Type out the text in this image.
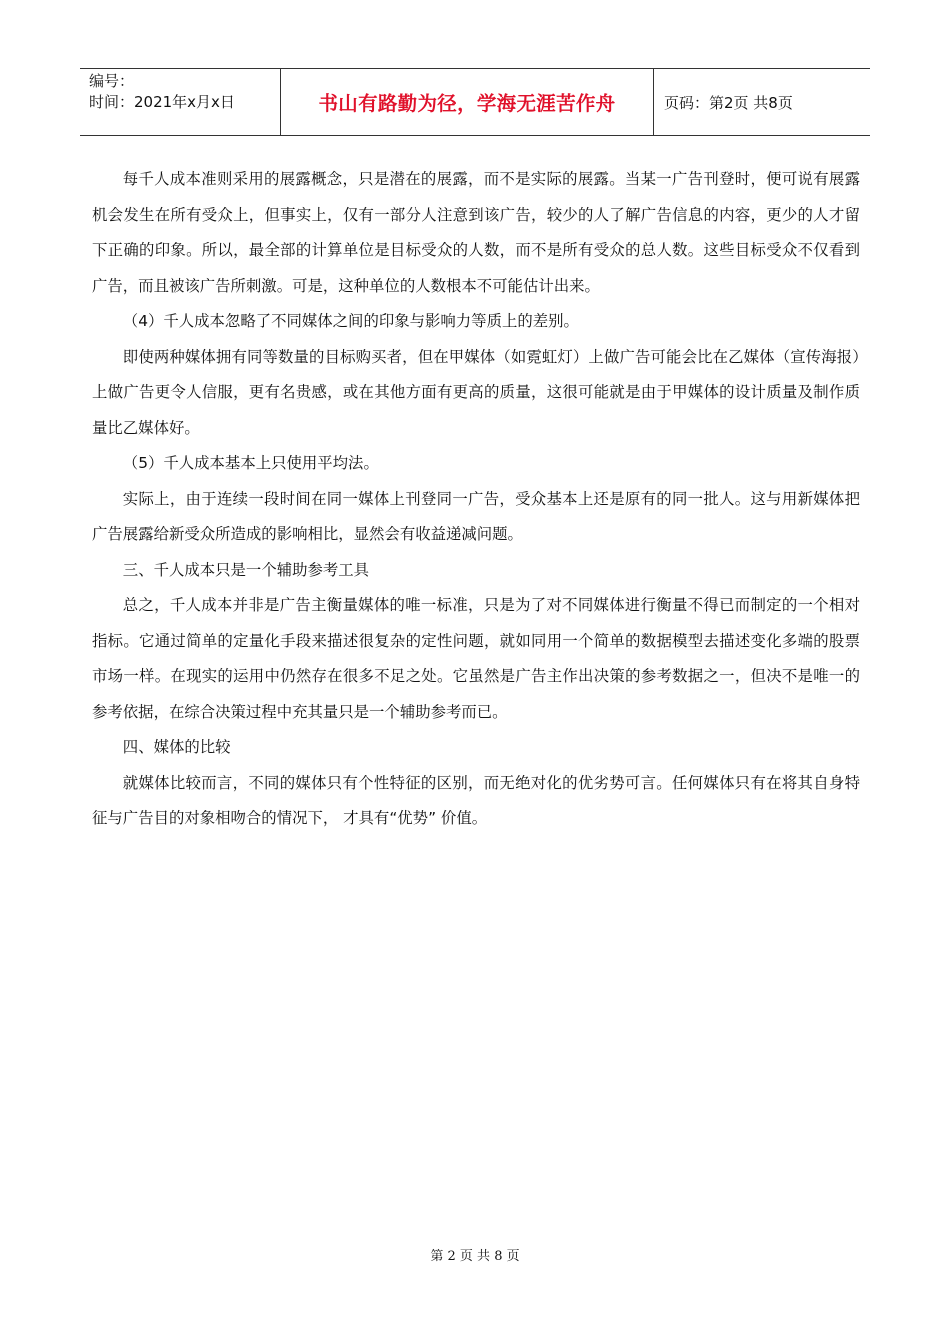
编号：
时间：2021年x月x日	书山有路勤为径，学海无涯苦作舟	页码：第2页 共8页

每千人成本准则采用的展露概念，只是潜在的展露，而不是实际的展露。当某一广告刊登时，便可说有展露机会发生在所有受众上，但事实上，仅有一部分人注意到该广告，较少的人了解广告信息的内容，更少的人才留下正确的印象。所以，最全部的计算单位是目标受众的人数，而不是所有受众的总人数。这些目标受众不仅看到广告，而且被该广告所刺激。可是，这种单位的人数根本不可能估计出来。

（4）千人成本忽略了不同媒体之间的印象与影响力等质上的差别。

即使两种媒体拥有同等数量的目标购买者，但在甲媒体（如霓虹灯）上做广告可能会比在乙媒体（宣传海报）上做广告更令人信服，更有名贵感，或在其他方面有更高的质量，这很可能就是由于甲媒体的设计质量及制作质量比乙媒体好。

（5）千人成本基本上只使用平均法。

实际上，由于连续一段时间在同一媒体上刊登同一广告，受众基本上还是原有的同一批人。这与用新媒体把广告展露给新受众所造成的影响相比，显然会有收益递减问题。

三、千人成本只是一个辅助参考工具

总之，千人成本并非是广告主衡量媒体的唯一标准，只是为了对不同媒体进行衡量不得已而制定的一个相对指标。它通过简单的定量化手段来描述很复杂的定性问题，就如同用一个简单的数据模型去描述变化多端的股票市场一样。在现实的运用中仍然存在很多不足之处。它虽然是广告主作出决策的参考数据之一，但决不是唯一的参考依据，在综合决策过程中充其量只是一个辅助参考而已。

四、媒体的比较

就媒体比较而言，不同的媒体只有个性特征的区别，而无绝对化的优劣势可言。任何媒体只有在将其自身特征与广告目的对象相吻合的情况下， 才具有“优势” 价值。

第 2 页 共 8 页
